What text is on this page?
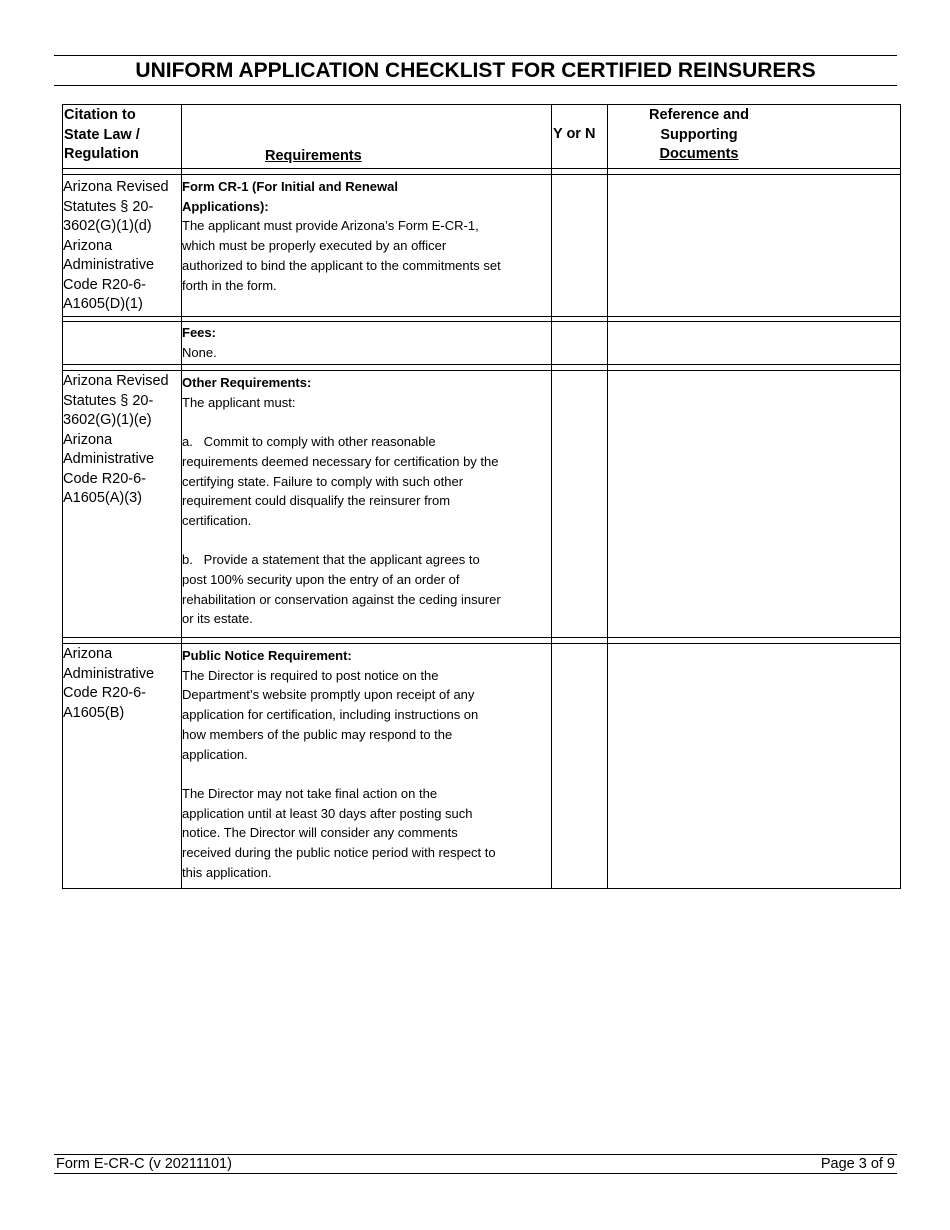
UNIFORM APPLICATION CHECKLIST FOR CERTIFIED REINSURERS
Citation to
State Law /
Regulation	Requirements
Y or N
Reference and
Supporting
Documents
Arizona Revised
Statutes § 20-
3602(G)(1)(d)
Arizona
Administrative
Code R20-6-
A1605(D)(1)
Form CR-1 (For Initial and Renewal
Applications):
The applicant must provide Arizona’s Form E-CR-1,
which must be properly executed by an officer
authorized to bind the applicant to the commitments set
forth in the form.
Fees:
None.
Arizona Revised
Statutes § 20-
3602(G)(1)(e)
Arizona
Administrative
Code R20-6-
A1605(A)(3)
Other Requirements:
The applicant must:
a.   Commit to comply with other reasonable
requirements deemed necessary for certification by the
certifying state. Failure to comply with such other
requirement could disqualify the reinsurer from
certification.
b.   Provide a statement that the applicant agrees to
post 100% security upon the entry of an order of
rehabilitation or conservation against the ceding insurer
or its estate.
Arizona
Administrative
Code R20-6-
A1605(B)
Public Notice Requirement:
The Director is required to post notice on the
Department’s website promptly upon receipt of any
application for certification, including instructions on
how members of the public may respond to the
application.
The Director may not take final action on the
application until at least 30 days after posting such
notice. The Director will consider any comments
received during the public notice period with respect to
this application.
Form E-CR-C (v 20211101)	Page 3 of 9
